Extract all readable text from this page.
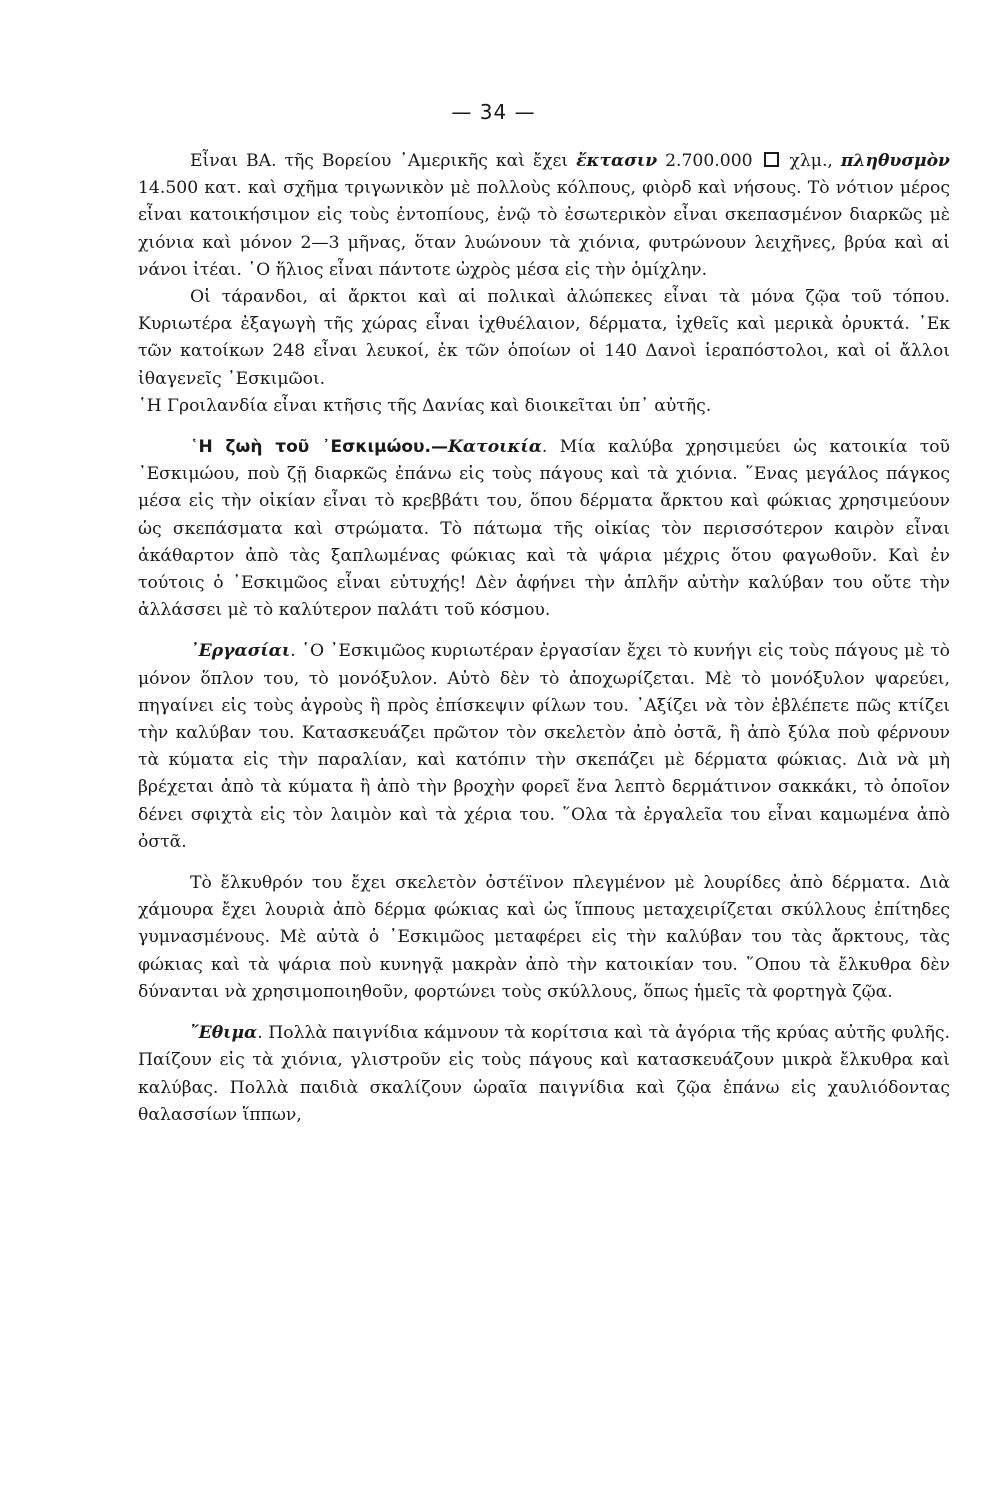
— 34 —

Εἶναι ΒΑ. τῆς Βορείου ᾿Αμερικῆς καὶ ἔχει ἔκτασιν 2.700.000  χλμ., πληθυσμὸν 14.500 κατ. καὶ σχῆμα τριγωνικὸν μὲ πολλοὺς κόλπους, φιὸρδ καὶ νήσους. Τὸ νότιον μέρος εἶναι κατοικήσιμον εἰς τοὺς ἐντοπίους, ἐνῷ τὸ ἐσωτερικὸν εἶναι σκεπασμένον διαρκῶς μὲ χιόνια καὶ μόνον 2—3 μῆνας, ὅταν λυώνουν τὰ χιόνια, φυτρώνουν λειχῆνες, βρύα καὶ αἱ νάνοι ἰτέαι. ῾Ο ἥλιος εἶναι πάντοτε ὠχρὸς μέσα εἰς τὴν ὁμίχλην.

Οἱ τάρανδοι, αἱ ἄρκτοι καὶ αἱ πολικαὶ ἀλώπεκες εἶναι τὰ μόνα ζῷα τοῦ τόπου. Κυριωτέρα ἐξαγωγὴ τῆς χώρας εἶναι ἰχθυέλαιον, δέρματα, ἰχθεῖς καὶ μερικὰ ὀρυκτά. ᾿Εκ τῶν κατοίκων 248 εἶναι λευκοί, ἐκ τῶν ὁποίων οἱ 140 Δανοὶ ἱεραπόστολοι, καὶ οἱ ἄλλοι ἰθαγενεῖς ᾿Εσκιμῶοι.

῾Η Γροιλανδία εἶναι κτῆσις τῆς Δανίας καὶ διοικεῖται ὑπ᾿ αὐτῆς.

῾Η ζωὴ τοῦ ᾿Εσκιμώου.—Κατοικία. Μία καλύβα χρησιμεύει ὡς κατοικία τοῦ ᾿Εσκιμώου, ποὺ ζῇ διαρκῶς ἐπάνω εἰς τοὺς πάγους καὶ τὰ χιόνια. ῞Ενας μεγάλος πάγκος μέσα εἰς τὴν οἰκίαν εἶναι τὸ κρεββάτι του, ὅπου δέρματα ἄρκτου καὶ φώκιας χρησιμεύουν ὡς σκεπάσματα καὶ στρώματα. Τὸ πάτωμα τῆς οἰκίας τὸν περισσότερον καιρὸν εἶναι ἀκάθαρτον ἀπὸ τὰς ξαπλωμένας φώκιας καὶ τὰ ψάρια μέχρις ὅτου φαγωθοῦν. Καὶ ἐν τούτοις ὁ ᾿Εσκιμῶος εἶναι εὐτυχής! Δὲν ἀφήνει τὴν ἁπλῆν αὐτὴν καλύβαν του οὔτε τὴν ἀλλάσσει μὲ τὸ καλύτερον παλάτι τοῦ κόσμου.

᾿Εργασίαι. ῾Ο ᾿Εσκιμῶος κυριωτέραν ἐργασίαν ἔχει τὸ κυνήγι εἰς τοὺς πάγους μὲ τὸ μόνον ὅπλον του, τὸ μονόξυλον. Αὐτὸ δὲν τὸ ἀποχωρίζεται. Μὲ τὸ μονόξυλον ψαρεύει, πηγαίνει εἰς τοὺς ἀγροὺς ἢ πρὸς ἐπίσκεψιν φίλων του. ᾿Αξίζει νὰ τὸν ἐβλέπετε πῶς κτίζει τὴν καλύβαν του. Κατασκευάζει πρῶτον τὸν σκελετὸν ἀπὸ ὀστᾶ, ἢ ἀπὸ ξύλα ποὺ φέρνουν τὰ κύματα εἰς τὴν παραλίαν, καὶ κατόπιν τὴν σκεπάζει μὲ δέρματα φώκιας. Διὰ νὰ μὴ βρέχεται ἀπὸ τὰ κύματα ἢ ἀπὸ τὴν βροχὴν φορεῖ ἕνα λεπτὸ δερμάτινον σακκάκι, τὸ ὁποῖον δένει σφιχτὰ εἰς τὸν λαιμὸν καὶ τὰ χέρια του. ῞Ολα τὰ ἐργαλεῖα του εἶναι καμωμένα ἀπὸ ὀστᾶ.

Τὸ ἔλκυθρόν του ἔχει σκελετὸν ὀστέϊνον πλεγμένον μὲ λουρίδες ἀπὸ δέρματα. Διὰ χάμουρα ἔχει λουριὰ ἀπὸ δέρμα φώκιας καὶ ὡς ἵππους μεταχειρίζεται σκύλλους ἐπίτηδες γυμνασμένους. Μὲ αὐτὰ ὁ ᾿Εσκιμῶος μεταφέρει εἰς τὴν καλύβαν του τὰς ἄρκτους, τὰς φώκιας καὶ τὰ ψάρια ποὺ κυνηγᾷ μακρὰν ἀπὸ τὴν κατοικίαν του. ῞Οπου τὰ ἔλκυθρα δὲν δύνανται νὰ χρησιμοποιηθοῦν, φορτώνει τοὺς σκύλλους, ὅπως ἡμεῖς τὰ φορτηγὰ ζῷα.

῎Εθιμα. Πολλὰ παιγνίδια κάμνουν τὰ κορίτσια καὶ τὰ ἀγόρια τῆς κρύας αὐτῆς φυλῆς. Παίζουν εἰς τὰ χιόνια, γλιστροῦν εἰς τοὺς πάγους καὶ κατασκευάζουν μικρὰ ἔλκυθρα καὶ καλύβας. Πολλὰ παιδιὰ σκαλίζουν ὡραῖα παιγνίδια καὶ ζῷα ἐπάνω εἰς χαυλιόδοντας θαλασσίων ἵππων,
